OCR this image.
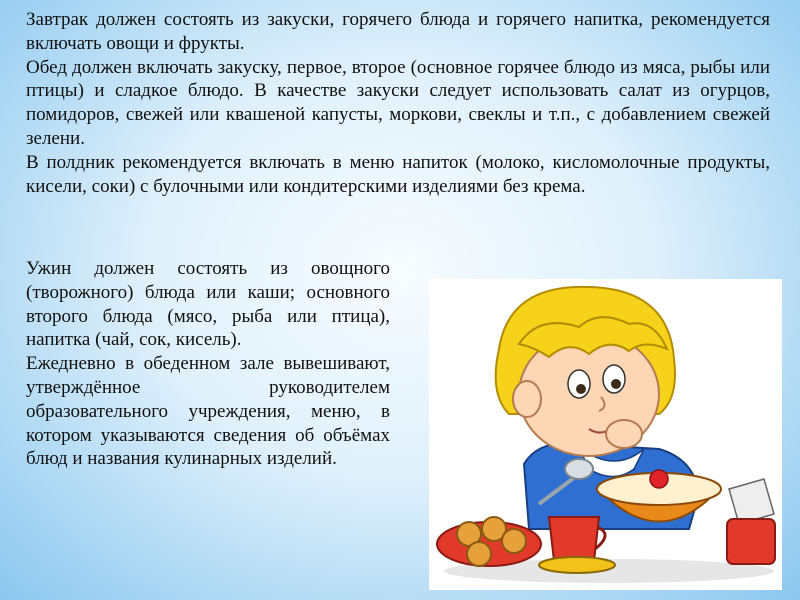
Завтрак должен состоять из закуски, горячего блюда и горячего напитка, рекомендуется включать овощи и фрукты.

Обед должен включать закуску, первое, второе (основное горячее блюдо из мяса, рыбы или птицы) и сладкое блюдо. В качестве закуски следует использовать салат из огурцов, помидоров, свежей или квашеной капусты, моркови, свеклы и т.п., с добавлением свежей зелени.

В полдник рекомендуется включать в меню напиток (молоко, кисломолочные продукты, кисели, соки) с булочными или кондитерскими изделиями без крема.

Ужин должен состоять из овощного (творожного) блюда или каши; основного второго блюда (мясо, рыба или птица), напитка (чай, сок, кисель).

Ежедневно в обеденном зале вывешивают, утверждённое руководителем образовательного учреждения, меню, в котором указываются сведения об объёмах блюд и названия кулинарных изделий.
